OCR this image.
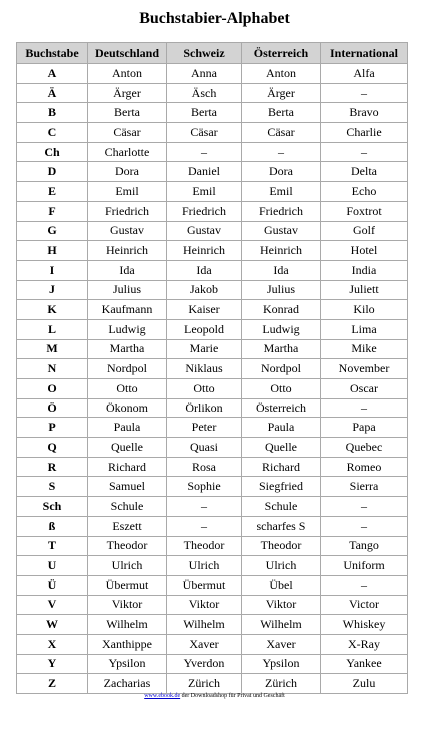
Buchstabier-Alphabet
Buchstabe	Deutschland	Schweiz	Österreich	International
A	Anton	Anna	Anton	Alfa
Ä	Ärger	Äsch	Ärger	–
B	Berta	Berta	Berta	Bravo
C	Cäsar	Cäsar	Cäsar	Charlie
Ch	Charlotte	–	–	–
D	Dora	Daniel	Dora	Delta
E	Emil	Emil	Emil	Echo
F	Friedrich	Friedrich	Friedrich	Foxtrot
G	Gustav	Gustav	Gustav	Golf
H	Heinrich	Heinrich	Heinrich	Hotel
I	Ida	Ida	Ida	India
J	Julius	Jakob	Julius	Juliett
K	Kaufmann	Kaiser	Konrad	Kilo
L	Ludwig	Leopold	Ludwig	Lima
M	Martha	Marie	Martha	Mike
N	Nordpol	Niklaus	Nordpol	November
O	Otto	Otto	Otto	Oscar
Ö	Ökonom	Örlikon	Österreich	–
P	Paula	Peter	Paula	Papa
Q	Quelle	Quasi	Quelle	Quebec
R	Richard	Rosa	Richard	Romeo
S	Samuel	Sophie	Siegfried	Sierra
Sch	Schule	–	Schule	–
ß	Eszett	–	scharfes S	–
T	Theodor	Theodor	Theodor	Tango
U	Ulrich	Ulrich	Ulrich	Uniform
Ü	Übermut	Übermut	Übel	–
V	Viktor	Viktor	Viktor	Victor
W	Wilhelm	Wilhelm	Wilhelm	Whiskey
X	Xanthippe	Xaver	Xaver	X-Ray
Y	Ypsilon	Yverdon	Ypsilon	Yankee
Z	Zacharias	Zürich	Zürich	Zulu
www.ebook.de der Downloadshop für Privat und Geschäft
